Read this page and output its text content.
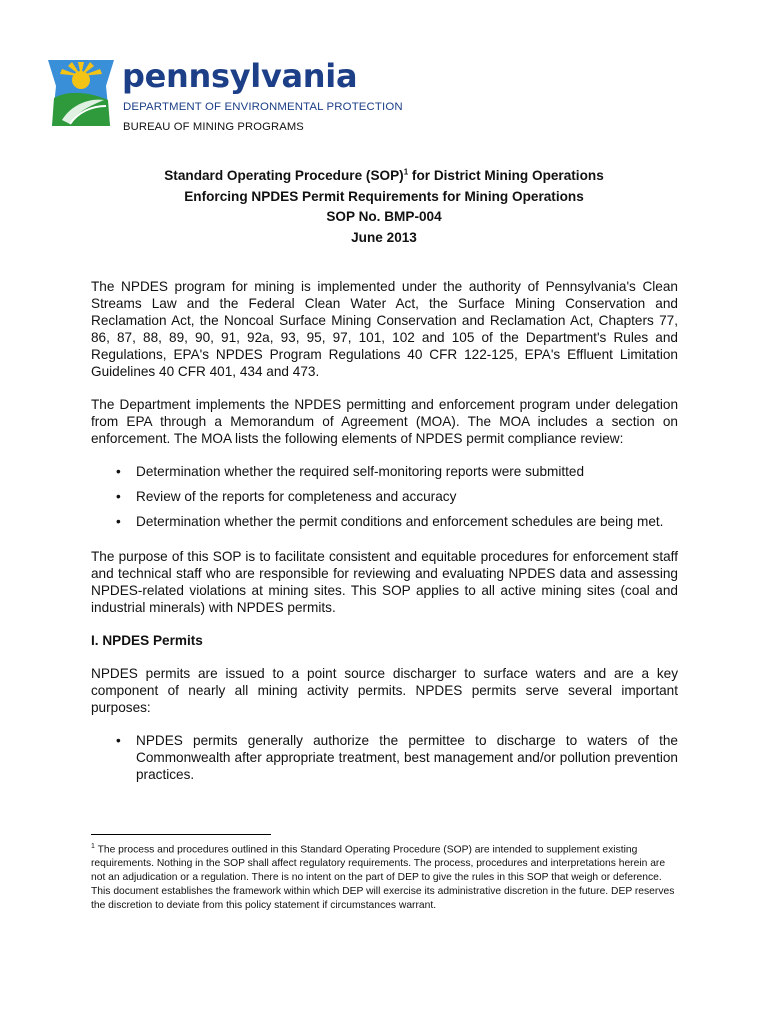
pennsylvania
DEPARTMENT OF ENVIRONMENTAL PROTECTION
BUREAU OF MINING PROGRAMS
Standard Operating Procedure (SOP)$^1$ for District Mining Operations
Enforcing NPDES Permit Requirements for Mining Operations
SOP No. BMP-004
June 2013

The NPDES program for mining is implemented under the authority of Pennsylvania's Clean Streams Law and the Federal Clean Water Act, the Surface Mining Conservation and Reclamation Act, the Noncoal Surface Mining Conservation and Reclamation Act, Chapters 77, 86, 87, 88, 89, 90, 91, 92a, 93, 95, 97, 101, 102 and 105 of the Department's Rules and Regulations, EPA's NPDES Program Regulations 40 CFR 122-125, EPA's Effluent Limitation Guidelines 40 CFR 401, 434 and 473.

The Department implements the NPDES permitting and enforcement program under delegation from EPA through a Memorandum of Agreement (MOA). The MOA includes a section on enforcement. The MOA lists the following elements of NPDES permit compliance review:

• Determination whether the required self-monitoring reports were submitted
• Review of the reports for completeness and accuracy
• Determination whether the permit conditions and enforcement schedules are being met.

The purpose of this SOP is to facilitate consistent and equitable procedures for enforcement staff and technical staff who are responsible for reviewing and evaluating NPDES data and assessing NPDES-related violations at mining sites. This SOP applies to all active mining sites (coal and industrial minerals) with NPDES permits.

I. NPDES Permits

NPDES permits are issued to a point source discharger to surface waters and are a key component of nearly all mining activity permits. NPDES permits serve several important purposes:

• NPDES permits generally authorize the permittee to discharge to waters of the Commonwealth after appropriate treatment, best management and/or pollution prevention practices.
$^1$ The process and procedures outlined in this Standard Operating Procedure (SOP) are intended to supplement existing requirements. Nothing in the SOP shall affect regulatory requirements. The process, procedures and interpretations herein are not an adjudication or a regulation. There is no intent on the part of DEP to give the rules in this SOP that weigh or deference. This document establishes the framework within which DEP will exercise its administrative discretion in the future. DEP reserves the discretion to deviate from this policy statement if circumstances warrant.
